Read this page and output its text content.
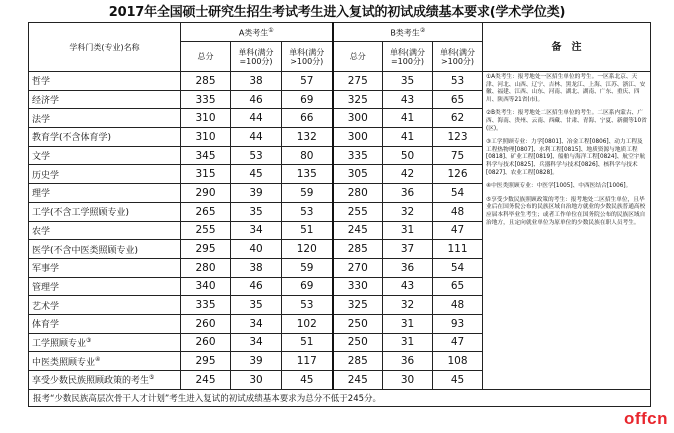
2017年全国硕士研究生招生考试考生进入复试的初试成绩基本要求(学术学位类)
学科门类(专业)名称	A类考生①			B类考生②			备　注
	总分	单科(满分=100分)	单科(满分>100分)	总分	单科(满分=100分)	单科(满分>100分)	
哲学	285	38	57	275	35	53	①A类考生：报考地处一区招生单位的考生。一区系北京、天津、河北、山西、辽宁、吉林、黑龙江、上海、江苏、浙江、安徽、福建、江西、山东、河南、湖北、湖南、广东、重庆、四川、陕西等21省(市)。

②B类考生：报考地处二区招生单位的考生。二区系内蒙古、广西、海南、贵州、云南、西藏、甘肃、青海、宁夏、新疆等10省(区)。

③工学照顾专业：力学[0801]、冶金工程[0806]、动力工程及工程热物理[0807]、水利工程[0815]、地质资源与地质工程[0818]、矿业工程[0819]、船舶与海洋工程[0824]、航空宇航科学与技术[0825]、兵器科学与技术[0826]、核科学与技术[0827]、农业工程[0828]。

④中医类照顾专业：中医学[1005]、中西医结合[1006]。

⑤享受少数民族照顾政策的考生：报考地处二区招生单位，且毕业后在国务院公布的民族区域自治地方就业的少数民族普通高校应届本科毕业生考生；或者工作单位在国务院公布的民族区域自治地方，且定向就业单位为原单位的少数民族在职人员考生。

经济学	335	46	69	325	43	65	
法学	310	44	66	300	41	62	
教育学(不含体育学)	310	44	132	300	41	123	
文学	345	53	80	335	50	75	
历史学	315	45	135	305	42	126	
理学	290	39	59	280	36	54	
工学(不含工学照顾专业)	265	35	53	255	32	48	
农学	255	34	51	245	31	47	
医学(不含中医类照顾专业)	295	40	120	285	37	111	
军事学	280	38	59	270	36	54	
管理学	340	46	69	330	43	65	
艺术学	335	35	53	325	32	48	
体育学	260	34	102	250	31	93	
工学照顾专业③	260	34	51	250	31	47	
中医类照顾专业④	295	39	117	285	36	108	
享受少数民族照顾政策的考生⑤	245	30	45	245	30	45	
报考“少数民族高层次骨干人才计划”考生进入复试的初试成绩基本要求为总分不低于245分。							
offcn
